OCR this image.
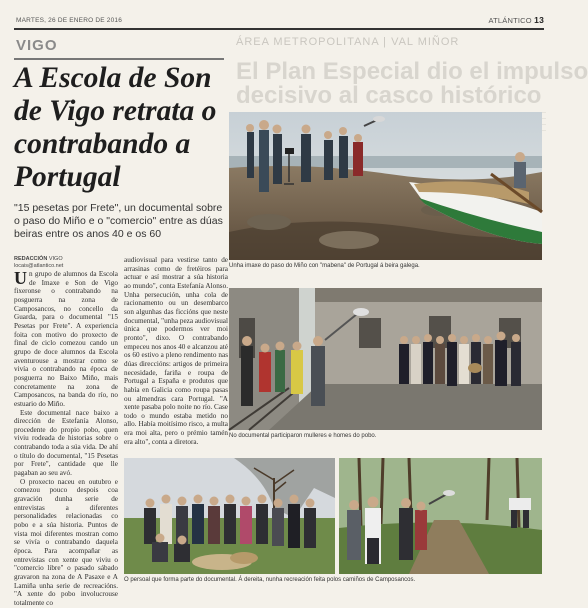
MARTES, 26 DE ENERO DE 2016	ATLÁNTICO 13
VIGO	ÁREA METROPOLITANA | VAL MIÑOR
El Plan Especial dio el impulso
decisivo al casco histórico
A Escola de Son de Vigo retrata o contrabando a Portugal

"15 pesetas por Frete", un documental sobre o paso do Miño e o "comercio" entre as dúas beiras entre os anos 40 e os 60

REDACCIÓN VIGO
locais@atlantico.net

Un grupo de alumnos da Escola de Imaxe e Son de Vigo fixeronse o contrabando na posguerra na zona de Camposancos, no concello da Guarda, para o documental "15 Pesetas por Frete". A experiencia foita con motivo do proxecto de final de ciclo comezou cando un grupo de doce alumnos da Escola aventurouse a mostrar como se vivía o contrabando na época de posguerra no Baixo Miño, mais concretamente na zona de Camposancos, na banda do río, no estuario do Miño.

Este documental nace baixo a dirección de Estefanía Alonso, procedente do propio pobo, quen viviu rodeada de historias sobre o contrabando toda a súa vida. De ahí o título do documental, "15 Pesetas por Frete", cantidade que lle pagaban ao seu avó.

O proxecto naceu en outubro e comezou pouco despois coa gravación dunha serie de entrevistas a diferentes personalidades relacionadas co pobo e a súa historia. Puntos de vista moi diferentes mostran como se vivía o contrabando daquela época. Para acompañar as entrevistas con xente que viviu o "comercio libre" o pasado sábado gravaron na zona de A Pasaxe e A Lamiña unha serie de recreacións. "A xente do pobo involucrouse totalmente co

audiovisual para vestirse tanto de arrasinas como de fretéiros para actuar e así mostrar a súa historia ao mundo", conta Estefanía Alonso. Unha persecución, unha cola de racionamento ou un desembarco son algunhas das ficcións que neste documental, "unha peza audiovisual única que podermos ver moi pronto", dixo. O contrabando empeceu nos anos 40 e alcanzou até os 60 estivo a pleno rendimento nas dúas direccións: artigos de primeira necesidade, fariña e roupa de Portugal a España e produtos que había en Galicia como roupa pasas ou almendras cara Portugal. "A xente pasaba polo noite no río. Case todo o mundo estaba metido no allo. Había moitísimo risco, a multa era moi alta, pero o prémio tamén era alto", conta a diretora.

Unha imaxe do paso do Miño con "mabena" de Portugal á beira galega.
No documental participaron mulleres e homes do pobo.
O persoal que forma parte do documental. Á dereita, nunha recreación feita polos camiños de Camposancos.
